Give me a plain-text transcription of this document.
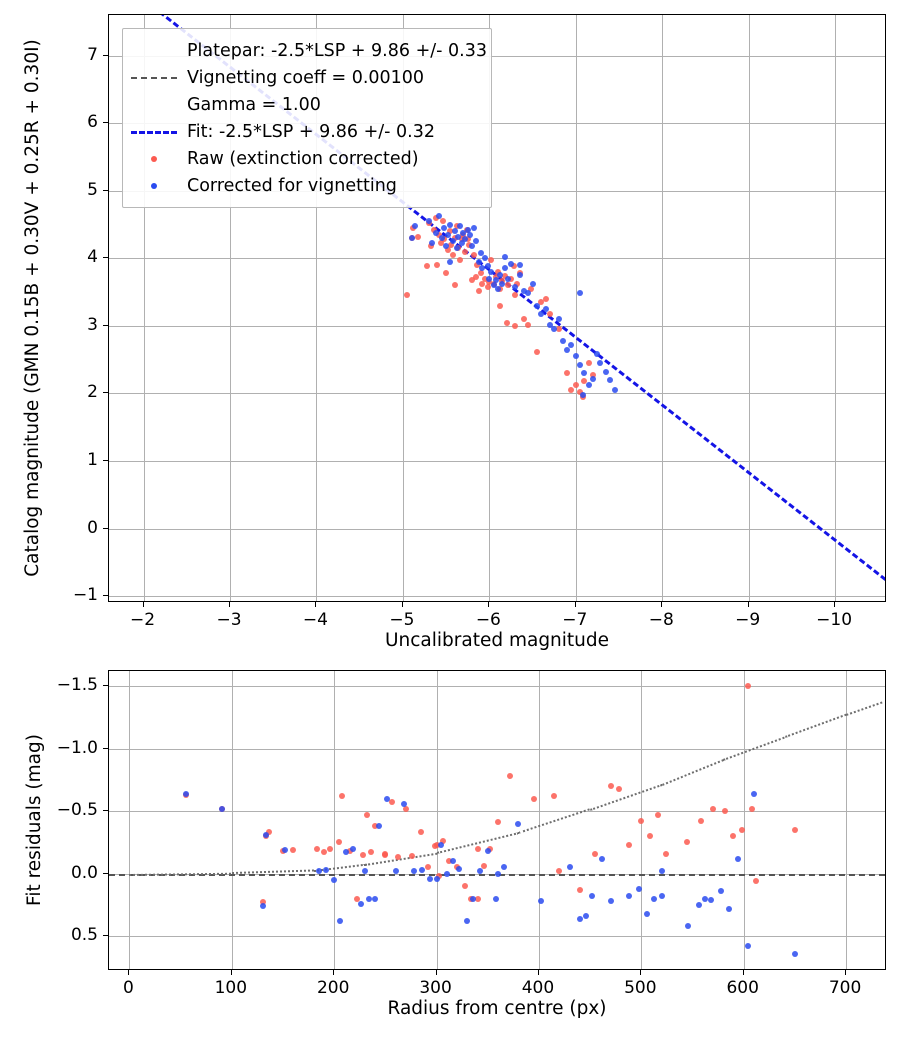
Catalog magnitude (GMN 0.15B + 0.30V + 0.25R + 0.30I)
Uncalibrated magnitude
Platepar: -2.5*LSP + 9.86 +/- 0.33
Vignetting coeff = 0.00100
Gamma = 1.00
Fit: -2.5*LSP + 9.86 +/- 0.32
Raw (extinction corrected)
Corrected for vignetting
−2	−3	−4	−5	−6	−7	−8	−9	−10
−1
0
1
2
3
4
5
6
7
Fit residuals (mag)
Radius from centre (px)
0	100	200	300	400	500	600	700
−1.5
−1.0
−0.5
0.0
0.5
